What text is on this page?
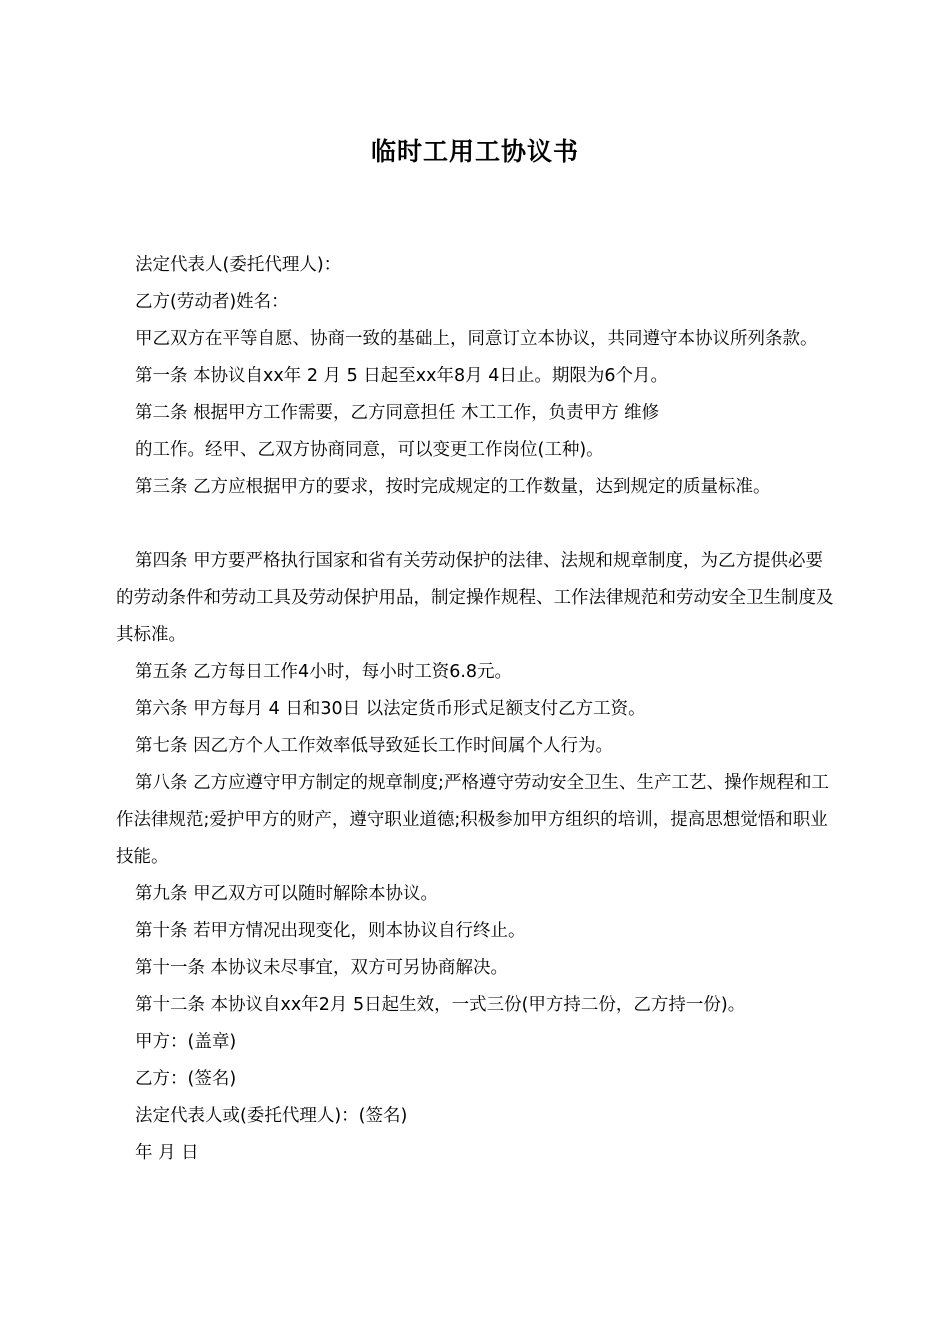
临时工用工协议书

法定代表人(委托代理人)：

乙方(劳动者)姓名：

甲乙双方在平等自愿、协商一致的基础上，同意订立本协议，共同遵守本协议所列条款。

第一条 本协议自xx年 2 月 5 日起至xx年8月 4日止。期限为6个月。

第二条 根据甲方工作需要，乙方同意担任 木工工作，负责甲方 维修

的工作。经甲、乙双方协商同意，可以变更工作岗位(工种)。

第三条 乙方应根据甲方的要求，按时完成规定的工作数量，达到规定的质量标准。

第四条 甲方要严格执行国家和省有关劳动保护的法律、法规和规章制度，为乙方提供必要的劳动条件和劳动工具及劳动保护用品，制定操作规程、工作法律规范和劳动安全卫生制度及其标准。

第五条 乙方每日工作4小时，每小时工资6.8元。

第六条 甲方每月 4 日和30日 以法定货币形式足额支付乙方工资。

第七条 因乙方个人工作效率低导致延长工作时间属个人行为。

第八条 乙方应遵守甲方制定的规章制度;严格遵守劳动安全卫生、生产工艺、操作规程和工作法律规范;爱护甲方的财产，遵守职业道德;积极参加甲方组织的培训，提高思想觉悟和职业技能。

第九条 甲乙双方可以随时解除本协议。

第十条 若甲方情况出现变化，则本协议自行终止。

第十一条 本协议未尽事宜，双方可另协商解决。

第十二条 本协议自xx年2月 5日起生效，一式三份(甲方持二份，乙方持一份)。

甲方：(盖章)

乙方：(签名)

法定代表人或(委托代理人)：(签名)

年 月 日
